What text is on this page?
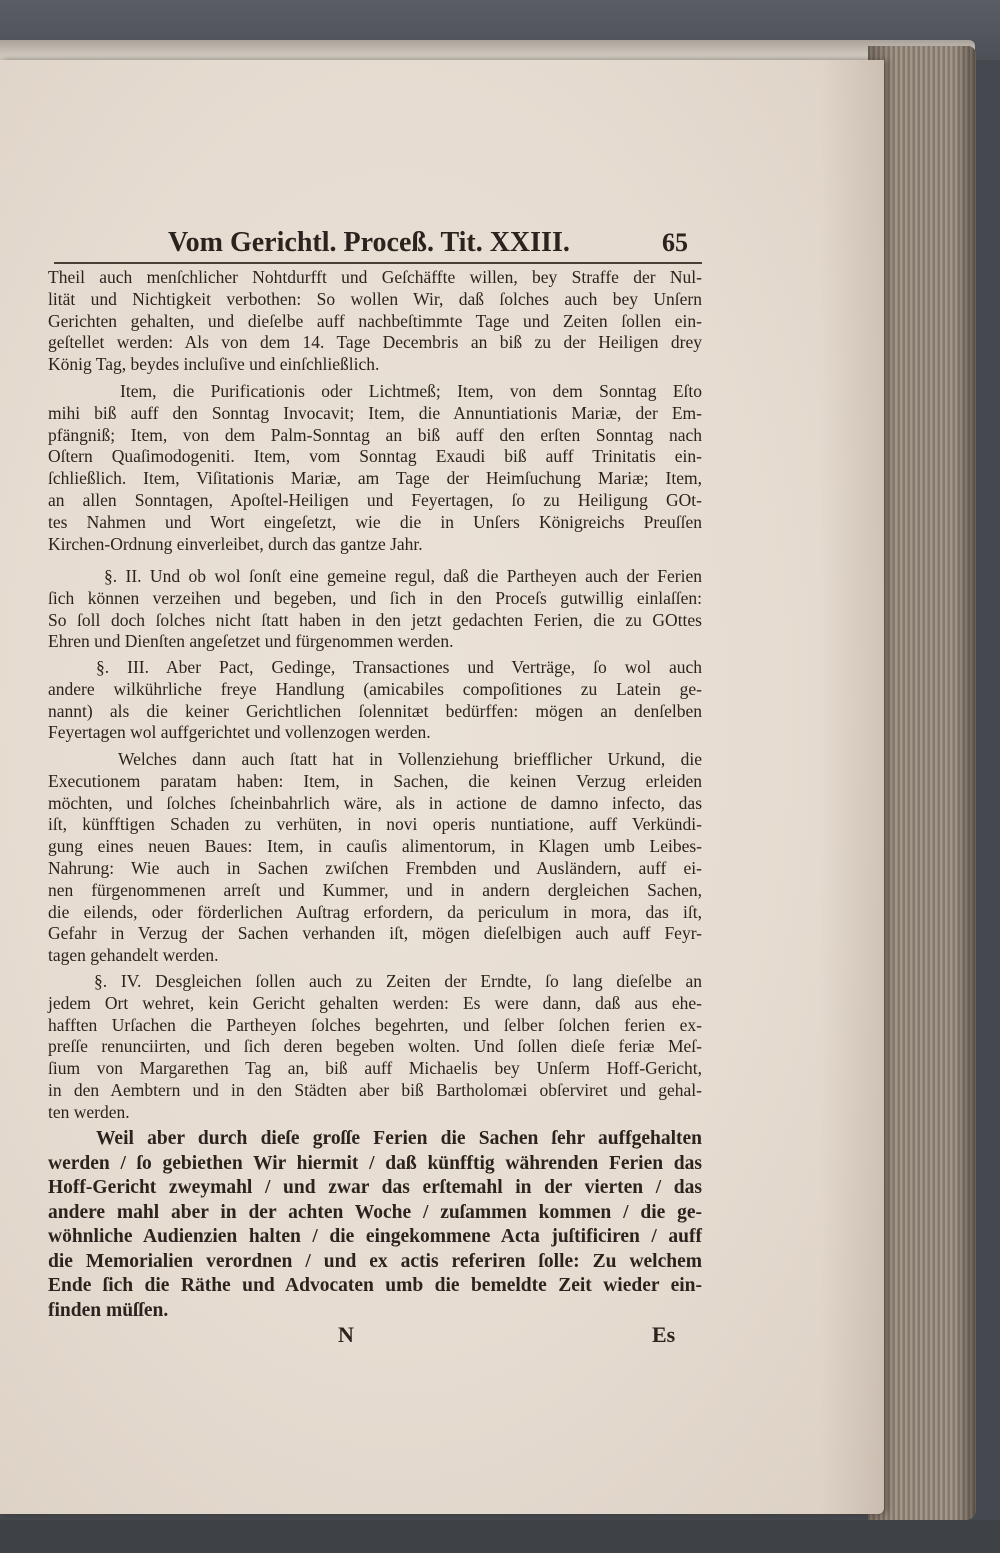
Vom Gerichtl. Proceß. Tit. XXIII.	65
Theil auch menſchlicher Nohtdurfft und Geſchäffte willen, bey Straffe der Nul-
lität und Nichtigkeit verbothen: So wollen Wir, daß ſolches auch bey Unſern
Gerichten gehalten, und dieſelbe auff nachbeſtimmte Tage und Zeiten ſollen ein-
geſtellet werden: Als von dem 14. Tage Decembris an biß zu der Heiligen drey
König Tag, beydes incluſive und einſchließlich.
Item, die Purificationis oder Lichtmeß; Item, von dem Sonntag Eſto
mihi biß auff den Sonntag Invocavit; Item, die Annuntiationis Mariæ, der Em-
pfängniß; Item, von dem Palm-Sonntag an biß auff den erſten Sonntag nach
Oſtern Quaſimodogeniti. Item, vom Sonntag Exaudi biß auff Trinitatis ein-
ſchließlich. Item, Viſitationis Mariæ, am Tage der Heimſuchung Mariæ; Item,
an allen Sonntagen, Apoſtel-Heiligen und Feyertagen, ſo zu Heiligung GOt-
tes Nahmen und Wort eingeſetzt, wie die in Unſers Königreichs Preuſſen
Kirchen-Ordnung einverleibet, durch das gantze Jahr.
§. II. Und ob wol ſonſt eine gemeine regul, daß die Partheyen auch der Ferien
ſich können verzeihen und begeben, und ſich in den Proceſs gutwillig einlaſſen:
So ſoll doch ſolches nicht ſtatt haben in den jetzt gedachten Ferien, die zu GOttes
Ehren und Dienſten angeſetzet und fürgenommen werden.
§. III. Aber Pact, Gedinge, Transactiones und Verträge, ſo wol auch
andere wilkührliche freye Handlung (amicabiles compoſitiones zu Latein ge-
nannt) als die keiner Gerichtlichen ſolennitæt bedürffen: mögen an denſelben
Feyertagen wol auffgerichtet und vollenzogen werden.
Welches dann auch ſtatt hat in Vollenziehung briefflicher Urkund, die
Executionem paratam haben: Item, in Sachen, die keinen Verzug erleiden
möchten, und ſolches ſcheinbahrlich wäre, als in actione de damno infecto, das
iſt, künfftigen Schaden zu verhüten, in novi operis nuntiatione, auff Verkündi-
gung eines neuen Baues: Item, in cauſis alimentorum, in Klagen umb Leibes-
Nahrung: Wie auch in Sachen zwiſchen Frembden und Ausländern, auff ei-
nen fürgenommenen arreſt und Kummer, und in andern dergleichen Sachen,
die eilends, oder förderlichen Auſtrag erfordern, da periculum in mora, das iſt,
Gefahr in Verzug der Sachen verhanden iſt, mögen dieſelbigen auch auff Feyr-
tagen gehandelt werden.
§. IV. Desgleichen ſollen auch zu Zeiten der Erndte, ſo lang dieſelbe an
jedem Ort wehret, kein Gericht gehalten werden: Es were dann, daß aus ehe-
hafften Urſachen die Partheyen ſolches begehrten, und ſelber ſolchen ferien ex-
preſſe renunciirten, und ſich deren begeben wolten. Und ſollen dieſe feriæ Meſ-
ſium von Margarethen Tag an, biß auff Michaelis bey Unſerm Hoff-Gericht,
in den Aembtern und in den Städten aber biß Bartholomæi obſerviret und gehal-
ten werden.
Weil aber durch dieſe groſſe Ferien die Sachen ſehr auffgehalten
werden / ſo gebiethen Wir hiermit / daß künfftig währenden Ferien das
Hoff-Gericht zweymahl / und zwar das erſtemahl in der vierten / das
andere mahl aber in der achten Woche / zuſammen kommen / die ge-
wöhnliche Audienzien halten / die eingekommene Acta juſtificiren / auff
die Memorialien verordnen / und ex actis referiren ſolle: Zu welchem
Ende ſich die Räthe und Advocaten umb die bemeldte Zeit wieder ein-
finden müſſen.
N	Es
